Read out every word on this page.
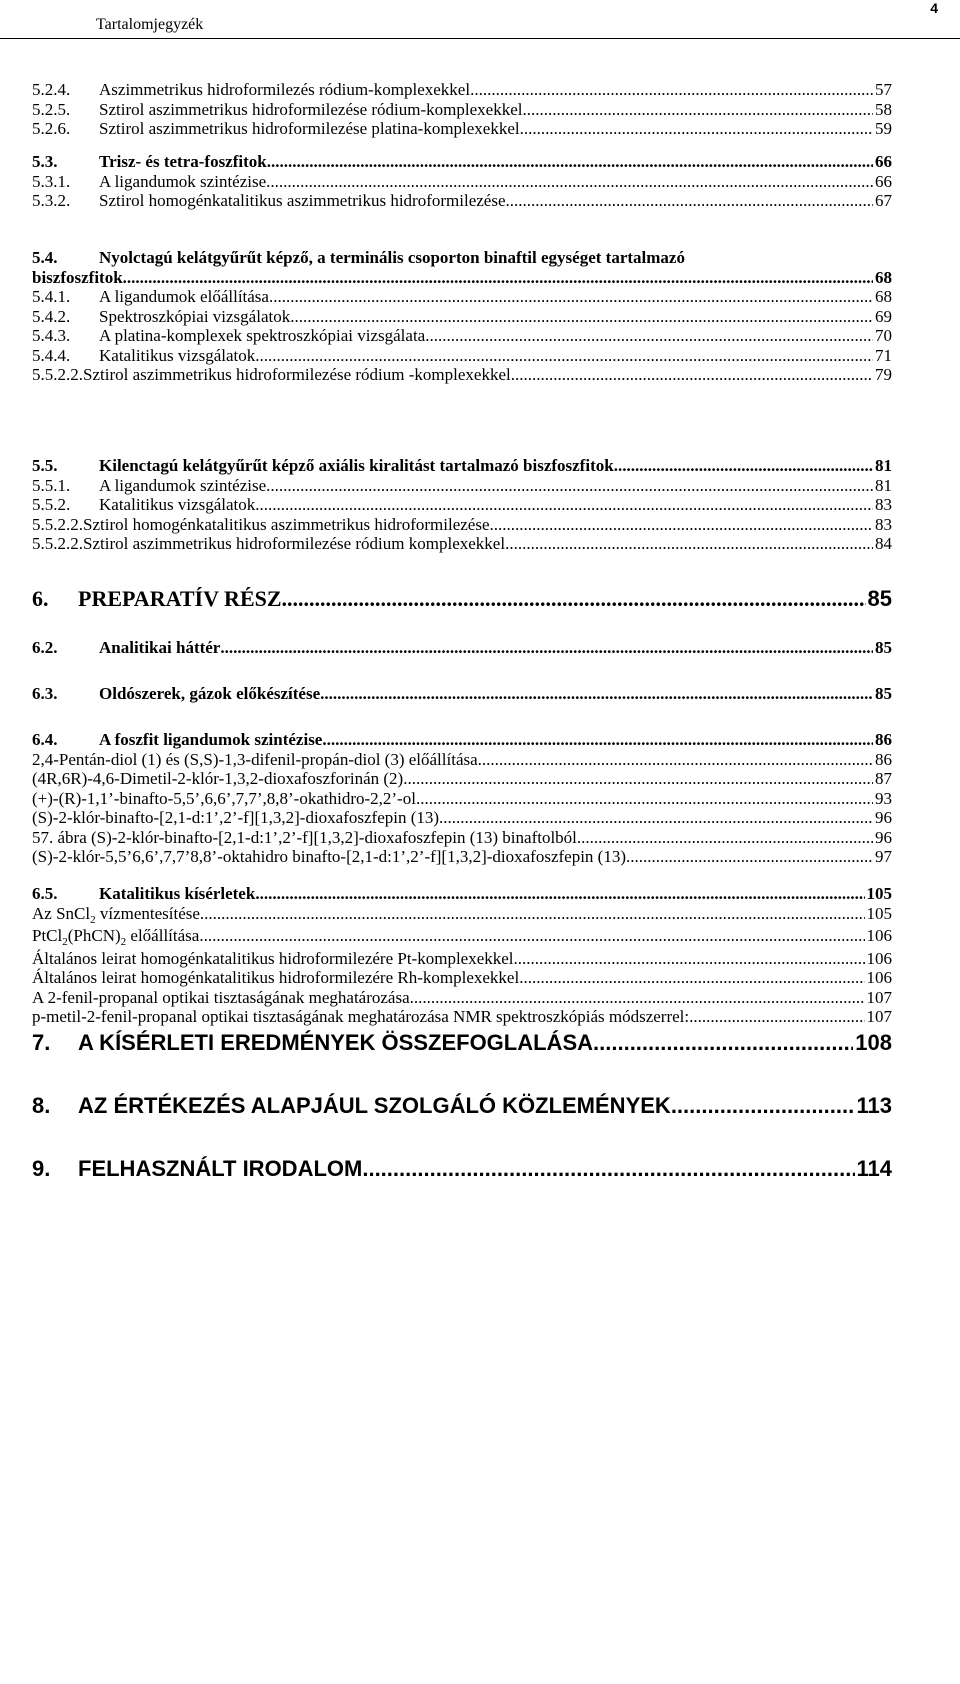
Tartalomjegyzék
4
5.2.4.	Aszimmetrikus hidroformilezés ródium-komplexekkel .....	57
5.2.5.	Sztirol aszimmetrikus hidroformilezése ródium-komplexekkel .....	58
5.2.6.	Sztirol aszimmetrikus hidroformilezése platina-komplexekkel .....	59
5.3.	Trisz- és tetra-foszfitok .....	66
5.3.1.	A ligandumok szintézise .....	66
5.3.2.	Sztirol homogénkatalitikus aszimmetrikus hidroformilezése .....	67
5.4. Nyolctagú kelátgyűrűt képző, a terminális csoporton binaftil egységet tartalmazó
biszfoszfitok .....	68
5.4.1.	A ligandumok előállítása .....	68
5.4.2.	Spektroszkópiai vizsgálatok .....	69
5.4.3.	A platina-komplexek spektroszkópiai vizsgálata .....	70
5.4.4.	Katalitikus vizsgálatok .....	71
5.5.2.2. Sztirol aszimmetrikus hidroformilezése ródium -komplexekkel .....	79
5.5.	Kilenctagú kelátgyűrűt képző axiális kiralitást tartalmazó biszfoszfitok .....	81
5.5.1.	A ligandumok szintézise .....	81
5.5.2.	Katalitikus vizsgálatok .....	83
5.5.2.2. Sztirol homogénkatalitikus aszimmetrikus hidroformilezése .....	83
5.5.2.2. Sztirol aszimmetrikus hidroformilezése ródium komplexekkel .....	84
6.	PREPARATÍV RÉSZ .....	85
6.2.	Analitikai háttér .....	85
6.3.	Oldószerek, gázok előkészítése .....	85
6.4.	A foszfit ligandumok szintézise .....	86
2,4-Pentán-diol (1) és (S,S)-1,3-difenil-propán-diol (3) előállítása .....	86
(4R,6R)-4,6-Dimetil-2-klór-1,3,2-dioxafoszforinán (2) .....	87
(+)-(R)-1,1’-binafto-5,5’,6,6’,7,7’,8,8’-okathidro-2,2’-ol .....	93
(S)-2-klór-binafto-[2,1-d:1’,2’-f][1,3,2]-dioxafoszfepin (13) .....	96
57. ábra (S)-2-klór-binafto-[2,1-d:1’,2’-f][1,3,2]-dioxafoszfepin (13) binaftolból .....	96
(S)-2-klór-5,5’6,6’,7,7’8,8’-oktahidro binafto-[2,1-d:1’,2’-f][1,3,2]-dioxafoszfepin (13) .....	97
6.5.	Katalitikus kísérletek .....	105
Az SnCl$_2$ vízmentesítése .....	105
$PtCl_2(PhCN)_2$ előállítása .....	106
Általános leirat homogénkatalitikus hidroformilezére Pt-komplexekkel .....	106
Általános leirat homogénkatalitikus hidroformilezére Rh-komplexekkel .....	106
A 2-fenil-propanal optikai tisztaságának meghatározása .....	107
p-metil-2-fenil-propanal optikai tisztaságának meghatározása NMR spektroszkópiás módszerrel: .....	107
7.	A KÍSÉRLETI EREDMÉNYEK ÖSSZEFOGLALÁSA .....	108
8.	AZ ÉRTÉKEZÉS ALAPJÁUL SZOLGÁLÓ KÖZLEMÉNYEK .....	113
9.	FELHASZNÁLT IRODALOM .....	114
